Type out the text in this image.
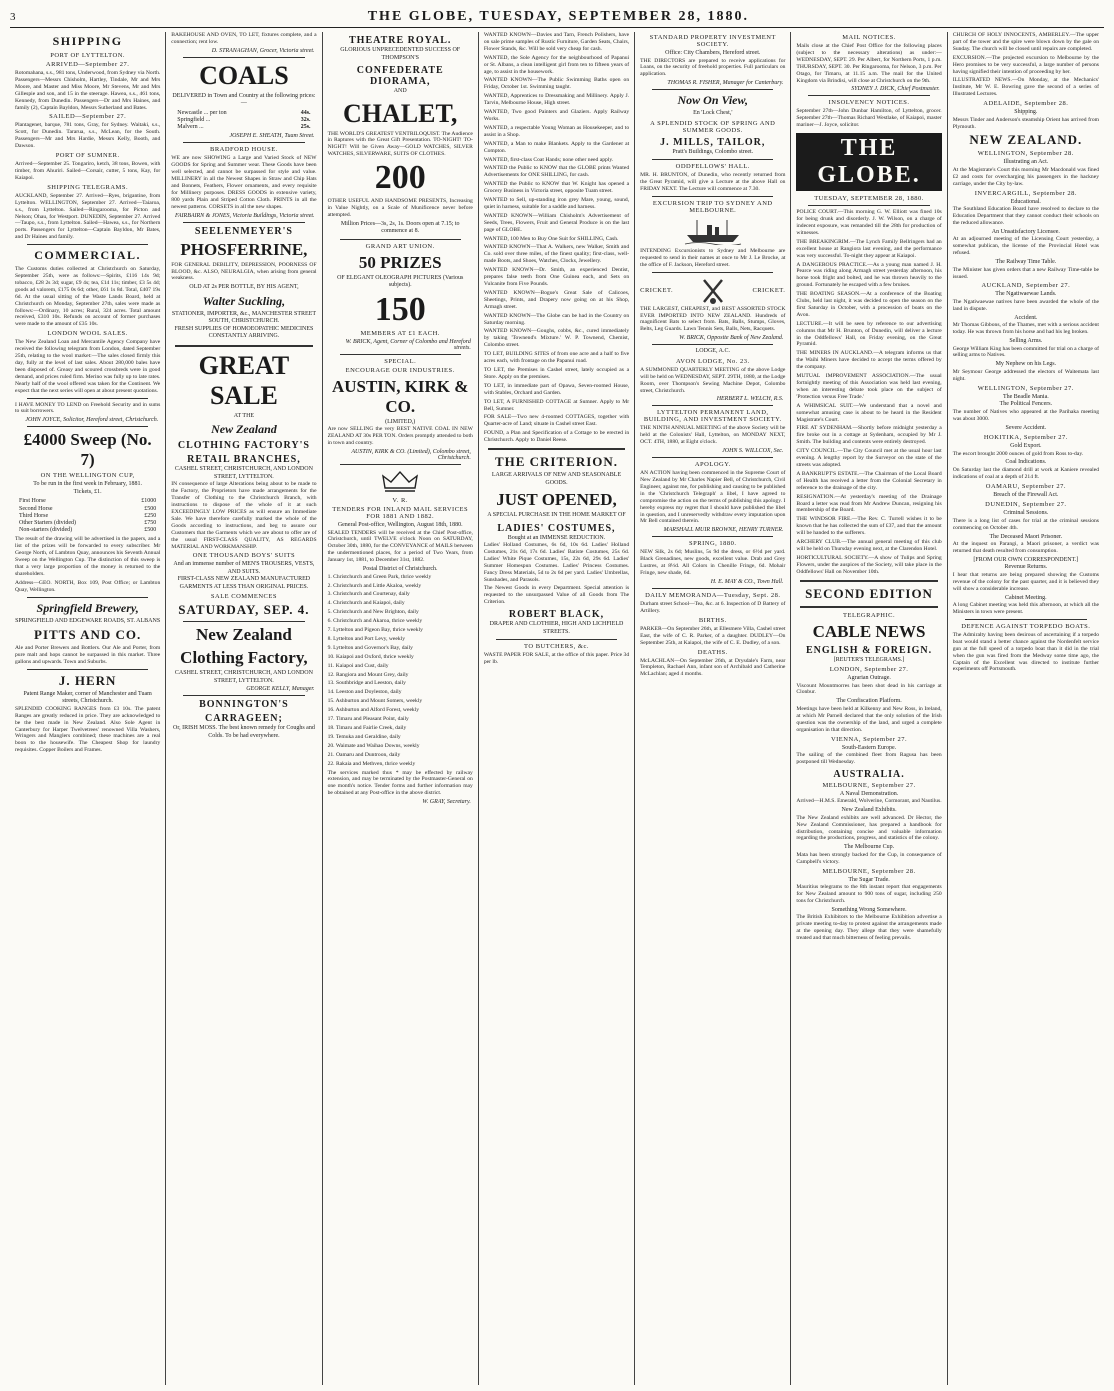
3	THE GLOBE, TUESDAY, SEPTEMBER 28, 1880.

SHIPPING
PORT OF LYTTELTON.
ARRIVED—September 27.

Rotomahana, s.s., 981 tons, Underwood, from Sydney via North. Passengers—Messrs Chisholm, Hartley, Tindale, Mr and Mrs Moore, and Master and Miss Moore, Mr Stevens, Mr and Mrs Gillespie and son, and 15 in the steerage. Hawea, s.s., 461 tons, Kennedy, from Dunedin. Passengers—Dr and Mrs Haines, and family (2), Captain Bayldon, Messrs Sutherland and Bates.

SAILED—September 27.

Plantagenet, barque, 781 tons, Gray, for Sydney. Waitaki, s.s., Scott, for Dunedin. Tararua, s.s., McLean, for the South. Passengers—Mr and Mrs Hardie, Messrs Kelly, Booth, and Dawson.

PORT OF SUMNER.

Arrived—September 25. Tongariro, ketch, 38 tons, Bowen, with timber, from Ahuriri. Sailed—Corsair, cutter, 5 tons, Kay, for Kaiapoi.

SHIPPING TELEGRAMS.

AUCKLAND, September 27. Arrived—Ryes, brigantine, from Lyttelton. WELLINGTON, September 27. Arrived—Taiaroa, s.s., from Lyttelton. Sailed—Ringarooma, for Picton and Nelson; Ohau, for Westport. DUNEDIN, September 27. Arrived—Taupo, s.s., from Lyttelton. Sailed—Hawea, s.s., for Northern ports. Passengers for Lyttelton—Captain Bayldon, Mr Bates, and Dr Haines and family.

COMMERCIAL.

The Customs duties collected at Christchurch on Saturday, September 25th, were as follows:—Spirits, £116 14s 9d; tobacco, £28 2s 3d; sugar, £9 4s; tea, £14 11s; timber, £3 5s 4d; goods ad valorem, £175 0s 6d; other, £61 1s 8d. Total, £407 19s 6d. At the usual sitting of the Waste Lands Board, held at Christchurch on Monday, September 27th, sales were made as follows:—Ordinary, 10 acres; Rural, 324 acres. Total amount received, £310 10s. Refunds on account of former purchases were made to the amount of £35 10s.

LONDON WOOL SALES.

The New Zealand Loan and Mercantile Agency Company have received the following telegram from London, dated September 25th, relating to the wool market:—The sales closed firmly this day, fully at the level of last sales. About 280,000 bales have been disposed of. Greasy and scoured crossbreds were in good demand, and prices ruled firm. Merino was fully up to late rates. Nearly half of the wool offered was taken for the Continent. We expect that the next series will open at about present quotations.

I HAVE MONEY TO LEND on Freehold Security and in sums to suit borrowers.

JOHN JOYCE, Solicitor, Hereford street, Christchurch.
£4000 Sweep (No. 7)
ON THE WELLINGTON CUP,
To be run in the first week in February, 1881.
Tickets, £1.
First Horse	£1000
Second Horse	£500
Third Horse	£250
Other Starters (divided)	£750
Non-starters (divided)	£500

The result of the drawing will be advertised in the papers, and a list of the prizes will be forwarded to every subscriber. Mr George North, of Lambton Quay, announces his Seventh Annual Sweep on the Wellington Cup. The distinction of this sweep is that a very large proportion of the money is returned to the shareholders.

Address—GEO. NORTH, Box 109, Post Office; or Lambton Quay, Wellington.

Springfield Brewery,
SPRINGFIELD AND EDGEWARE ROADS, ST. ALBANS
PITTS AND CO.

Ale and Porter Brewers and Bottlers. Our Ale and Porter, from pure malt and hops cannot be surpassed in this market. Three gallons and upwards. Town and Suburbs.

J. HERN
Patent Range Maker, corner of Manchester and Tuam streets, Christchurch.

SPLENDID COOKING RANGES from £3 10s. The patent Ranges are greatly reduced in price. They are acknowledged to be the best made in New Zealand. Also Sole Agent in Canterbury for Harper Twelvetrees' renowned Villa Washers, Wringers and Manglers combined; these machines are a real boon to the housewife. The Cheapest Shop for laundry requisites. Copper Boilers and Frames.

BAKEHOUSE AND OVEN, TO LET, fixtures complete, and a connection; rent low.

D. STRANAGHAN, Grocer, Victoria street.
COALS
DELIVERED in Town and Country at the following prices:—
Newcastle ... per ton	44s.
Springfield ...	32s.
Malvern ...	25s.
JOSEPH E. SHEATH, Tuam Street.
BRADFORD HOUSE.

WE are now SHOWING a Large and Varied Stock of NEW GOODS for Spring and Summer wear. These Goods have been well selected, and cannot be surpassed for style and value. MILLINERY in all the Newest Shapes in Straw and Chip Hats and Bonnets, Feathers, Flower ornaments, and every requisite for Millinery purposes. DRESS GOODS in extensive variety, 800 yards Plain and Striped Cotton Cloth. PRINTS in all the newest patterns. CORSETS in all the new shapes.

FAIRBAIRN & JONES, Victoria Buildings, Victoria street.
SEELENMEYER'S
PHOSFERRINE,

FOR GENERAL DEBILITY, DEPRESSION, POORNESS OF BLOOD, &c. ALSO, NEURALGIA, when arising from general weakness.

OLD AT 2s PER BOTTLE, BY HIS AGENT,
Walter Suckling,
STATIONER, IMPORTER, &c., MANCHESTER STREET SOUTH, CHRISTCHURCH.
FRESH SUPPLIES OF HOMOEOPATHIC MEDICINES CONSTANTLY ARRIVING.
GREAT SALE
AT THE
New Zealand
CLOTHING FACTORY'S
RETAIL BRANCHES,
CASHEL STREET, CHRISTCHURCH, AND LONDON STREET, LYTTELTON.

IN consequence of large Alterations being about to be made to the Factory, the Proprietors have made arrangements for the Transfer of Clothing to the Christchurch Branch, with instructions to dispose of the whole of it at such EXCEEDINGLY LOW PRICES as will ensure an Immediate Sale. We have therefore carefully marked the whole of the Goods according to instructions, and beg to assure our Customers that the Garments which we are about to offer are of the usual FIRST-CLASS QUALITY, AS REGARDS MATERIAL AND WORKMANSHIP.

ONE THOUSAND BOYS' SUITS
And an immense number of MEN'S TROUSERS, VESTS, AND SUITS.
FIRST-CLASS NEW ZEALAND MANUFACTURED GARMENTS AT LESS THAN ORIGINAL PRICES.
SALE COMMENCES
SATURDAY, SEP. 4.
New Zealand
Clothing Factory,
CASHEL STREET, CHRISTCHURCH, AND LONDON STREET, LYTTELTON.
GEORGE KELLY, Manager.
BONNINGTON'S
CARRAGEEN;
Or, IRISH MOSS. The best known remedy for Coughs and Colds. To be had everywhere.
THEATRE ROYAL.
GLORIOUS UNPRECEDENTED SUCCESS OF THOMPSON'S
CONFEDERATE DIORAMA,
AND
CHALET,

THE WORLD'S GREATEST VENTRILOQUIST. The Audience in Raptures with the Great Gift Presentation. TO-NIGHT! TO-NIGHT! Will be Given Away—GOLD WATCHES, SILVER WATCHES, SILVERWARE, SUITS OF CLOTHES.

200

OTHER USEFUL AND HANDSOME PRESENTS, Increasing in Value Nightly, on a Scale of Munificence never before attempted.

Million Prices—3s, 2s, 1s. Doors open at 7.15; to commence at 8.
GRAND ART UNION.
50 PRIZES
OF ELEGANT OLEOGRAPH PICTURES (Various subjects).
150
MEMBERS AT £1 EACH.
W. BRICK, Agent, Corner of Colombo and Hereford streets.
SPECIAL.
ENCOURAGE OUR INDUSTRIES.
AUSTIN, KIRK & CO.
(LIMITED,)

Are now SELLING the very BEST NATIVE COAL IN NEW ZEALAND AT 30s PER TON. Orders promptly attended to both in town and country.

AUSTIN, KIRK & CO. (Limited), Colombo street, Christchurch.
V. R.
TENDERS FOR INLAND MAIL SERVICES FOR 1881 AND 1882.
General Post-office, Wellington, August 18th, 1880.

SEALED TENDERS will be received at the Chief Post-office, Christchurch, until TWELVE o'clock Noon on SATURDAY, October 30th, 1880, for the CONVEYANCE of MAILS between the undermentioned places, for a period of Two Years, from January 1st, 1881, to December 31st, 1882.

Postal District of Christchurch.

1. Christchurch and Green Park, thrice weekly

2. Christchurch and Little Akaloa, weekly

3. Christchurch and Courtenay, daily

4. Christchurch and Kaiapoi, daily

5. Christchurch and New Brighton, daily

6. Christchurch and Akaroa, thrice weekly

7. Lyttelton and Pigeon Bay, thrice weekly

8. Lyttelton and Port Levy, weekly

9. Lyttelton and Governor's Bay, daily

10. Kaiapoi and Oxford, thrice weekly

11. Kaiapoi and Cust, daily

12. Rangiora and Mount Grey, daily

13. Southbridge and Leeston, daily

14. Leeston and Doyleston, daily

15. Ashburton and Mount Somers, weekly

16. Ashburton and Alford Forest, weekly

17. Timaru and Pleasant Point, daily

18. Timaru and Fairlie Creek, daily

19. Temuka and Geraldine, daily

20. Waimate and Waihao Downs, weekly

21. Oamaru and Duntroon, daily

22. Rakaia and Methven, thrice weekly

The services marked thus * may be effected by railway extension, and may be terminated by the Postmaster-General on one month's notice. Tender forms and further information may be obtained at any Post-office in the above district.

W. GRAY, Secretary.

WANTED KNOWN—Davies and Tarn, French Polishers, have on sale prime samples of Rustic Furniture, Garden Seats, Chairs, Flower Stands, &c. Will be sold very cheap for cash.

WANTED, the Sole Agency for the neighbourhood of Papanui or St. Albans, a clean intelligent girl from ten to fifteen years of age, to assist in the housework.

WANTED KNOWN—The Public Swimming Baths open on Friday, October 1st. Swimming taught.

WANTED, Apprentices to Dressmaking and Millinery. Apply J. Tarvin, Melbourne House, High street.

WANTED, Two good Painters and Glaziers. Apply Railway Works.

WANTED, a respectable Young Woman as Housekeeper, and to assist in a Shop.

WANTED, a Man to make Blankets. Apply to the Gardener at Compton.

WANTED, first-class Coat Hands; none other need apply.

WANTED the Public to KNOW that the GLOBE prints Wanted Advertisements for ONE SHILLING, for cash.

WANTED the Public to KNOW that W. Knight has opened a Grocery Business in Victoria street, opposite Tuam street.

WANTED to Sell, up-standing iron grey Mare, young, sound, quiet in harness, suitable for a saddle and harness.

WANTED KNOWN—William Chisholm's Advertisement of Seeds, Trees, Flowers, Fruit and General Produce is on the last page of GLOBE.

WANTED, 100 Men to Buy One Suit for SHILLING, Cash.

WANTED KNOWN—That A. Walkers, new Walker, Smith and Co. sold over three miles, of the finest quality; first-class, well-made Boots, and Shoes, Watches, Clocks, Jewellery.

WANTED KNOWN—Dr. Smith, an experienced Dentist, prepares false teeth from One Guinea each, and Sets on Vulcanite from Five Pounds.

WANTED KNOWN—Bogue's Great Sale of Calicoes, Sheetings, Prints, and Drapery now going on at his Shop, Armagh street.

WANTED KNOWN—The Globe can be had in the Country on Saturday morning.

WANTED KNOWN—Goughs, cobbs, &c., cured immediately by taking 'Townend's Mixture.' W. P. Townend, Chemist, Colombo street.

TO LET, BUILDING SITES of from one acre and a half to five acres each, with frontage on the Papanui road.

TO LET, the Premises in Cashel street, lately occupied as a Store. Apply on the premises.

TO LET, in immediate part of Opawa, Seven-roomed House, with Stables, Orchard and Garden.

TO LET, A FURNISHED COTTAGE at Sumner. Apply to Mr Bell, Sumner.

FOR SALE—Two new 4-roomed COTTAGES, together with Quarter-acre of Land; situate in Cashel street East.

FOUND, a Plan and Specification of a Cottage to be erected in Christchurch. Apply to Daniel Reese.

THE CRITERION.
LARGE ARRIVALS OF NEW AND SEASONABLE GOODS.
JUST OPENED,
A SPECIAL PURCHASE IN THE HOME MARKET OF
LADIES' COSTUMES,
Bought at an IMMENSE REDUCTION.

Ladies' Holland Costumes, 6s 6d, 10s 6d. Ladies' Holland Costumes, 21s 6d, 17s 6d. Ladies' Batiste Costumes, 25s 6d. Ladies' White Pique Costumes, 15s, 22s 6d, 29s 6d. Ladies' Summer Homespun Costumes. Ladies' Princess Costumes. Fancy Dress Materials, 5d to 2s 6d per yard. Ladies' Umbrellas, Sunshades, and Parasols.

The Newest Goods in every Department. Special attention is requested to the unsurpassed Value of all Goods from The Criterion.

ROBERT BLACK,
DRAPER AND CLOTHIER, HIGH AND LICHFIELD STREETS.
TO BUTCHERS, &c.

WASTE PAPER FOR SALE, at the office of this paper. Price 3d per lb.

STANDARD PROPERTY INVESTMENT SOCIETY.
Office: City Chambers, Hereford street.

THE DIRECTORS are prepared to receive applications for Loans, on the security of freehold properties. Full particulars on application.

THOMAS R. FISHER, Manager for Canterbury.
Now On View,
En 'Lock Chest,'
A SPLENDID STOCK OF SPRING AND SUMMER GOODS.
J. MILLS, TAILOR,
Pratt's Buildings, Colombo street.
ODDFELLOWS' HALL.

MR. H. BRUNTON, of Dunedin, who recently returned from the Great Pyramid, will give a Lecture at the above Hall on FRIDAY NEXT. The Lecture will commence at 7.30.

EXCURSION TRIP TO SYDNEY AND MELBOURNE.

INTENDING Excursionists to Sydney and Melbourne are requested to send in their names at once to Mr J. Le Brocke, at the office of F. Jackson, Hereford street.

CRICKET.	CRICKET.

THE LARGEST, CHEAPEST, and BEST ASSORTED STOCK EVER IMPORTED INTO NEW ZEALAND. Hundreds of magnificent Bats to select from. Bats, Balls, Stumps, Gloves, Belts, Leg Guards. Lawn Tennis Sets, Balls, Nets, Racquets.

W. BRICK, Opposite Bank of New Zealand.
LODGE, A.C.
AVON LODGE, No. 23.

A SUMMONED QUARTERLY MEETING of the above Lodge will be held on WEDNESDAY, SEPT. 29TH, 1880, at the Lodge Room, over Thompson's Sewing Machine Depot, Colombo street, Christchurch.

HERBERT L. WELCH, R.S.
LYTTELTON PERMANENT LAND, BUILDING, AND INVESTMENT SOCIETY.

THE NINTH ANNUAL MEETING of the above Society will be held at the Colonists' Hall, Lyttelton, on MONDAY NEXT, OCT. 4TH, 1880, at Eight o'clock.

JOHN S. WILLCOX, Sec.
APOLOGY.

AN ACTION having been commenced in the Supreme Court of New Zealand by Mr Charles Napier Bell, of Christchurch, Civil Engineer, against me, for publishing and causing to be published in the 'Christchurch Telegraph' a libel, I have agreed to compromise the action on the terms of publishing this apology. I hereby express my regret that I should have published the libel in question, and I unreservedly withdraw every imputation upon Mr Bell contained therein.

MARSHALL MUIR BROWNE, HENRY TURNER.
SPRING, 1880.

NEW Silk, 2s 6d; Muslins, 5s 9d the dress, or 6½d per yard. Black Grenadines, new goods, excellent value. Drab and Grey Lustres, at 8½d. All Colors in Chenille Fringe, 6d. Mohair Fringe, new shade, 6d.

H. E. MAY & CO., Town Hall.
DAILY MEMORANDA—Tuesday, Sept. 28.

Durham street School—Tea, &c. at 6. Inspection of D Battery of Artillery.

BIRTHS.

PARKER—On September 26th, at Ellesmere Villa, Cashel street East, the wife of C. R. Parker, of a daughter. DUDLEY—On September 25th, at Kaiapoi, the wife of C. E. Dudley, of a son.

DEATHS.

McLACHLAN—On September 26th, at Drysdale's Farm, near Templeton, Rachael Ann, infant son of Archibald and Catherine McLachlan; aged 4 months.

MAIL NOTICES.

Mails close at the Chief Post Office for the following places (subject to the necessary alterations) as under:— WEDNESDAY, SEPT. 29. Per Albert, for Northern Ports, 1 p.m. THURSDAY, SEPT. 30. Per Ringarooma, for Nelson, 3 p.m. Per Otago, for Timaru, at 11.15 a.m. The mail for the United Kingdom via Brindisi, will close at Christchurch on the 9th.

SYDNEY J. DICK, Chief Postmaster.
INSOLVENCY NOTICES.

September 27th—John Dunbar Hamilton, of Lyttelton, grocer. September 27th—Thomas Richard Westlake, of Kaiapoi, master mariner—J. Joyce, solicitor.

THE GLOBE.
TUESDAY, SEPTEMBER 28, 1880.

POLICE COURT.—This morning G. W. Elliott was fined 10s for being drunk and disorderly. J. W. Wilson, on a charge of indecent exposure, was remanded till the 28th for production of witnesses.

THE BREAKINGRIM.—The Lynch Family Bellringers had an excellent house at Rangiora last evening, and the performance was very successful. To-night they appear at Kaiapoi.

A DANGEROUS PRACTICE.—As a young man named J. H. Pearce was riding along Armagh street yesterday afternoon, his horse took fright and bolted, and he was thrown heavily to the ground. Fortunately he escaped with a few bruises.

THE BOATING SEASON.—At a conference of the Boating Clubs, held last night, it was decided to open the season on the first Saturday in October, with a procession of boats on the Avon.

LECTURE.—It will be seen by reference to our advertising columns that Mr H. Brunton, of Dunedin, will deliver a lecture in the Oddfellows' Hall, on Friday evening, on the Great Pyramid.

THE MINERS IN AUCKLAND.—A telegram informs us that the Waihi Miners have decided to accept the terms offered by the company.

MUTUAL IMPROVEMENT ASSOCIATION.—The usual fortnightly meeting of this Association was held last evening, when an interesting debate took place on the subject of 'Protection versus Free Trade.'

A WHIMSICAL SUIT.—We understand that a novel and somewhat amusing case is about to be heard in the Resident Magistrate's Court.

FIRE AT SYDENHAM.—Shortly before midnight yesterday a fire broke out in a cottage at Sydenham, occupied by Mr J. Smith. The building and contents were entirely destroyed.

CITY COUNCIL.—The City Council met at the usual hour last evening. A lengthy report by the Surveyor on the state of the streets was adopted.

A BANKRUPT'S ESTATE.—The Chairman of the Local Board of Health has received a letter from the Colonial Secretary in reference to the drainage of the city.

RESIGNATION.—At yesterday's meeting of the Drainage Board a letter was read from Mr Andrew Duncan, resigning his membership of the Board.

THE WINDSOR FIRE.—The Rev. C. Turrell wishes it to be known that he has collected the sum of £37, and that the amount will be handed to the sufferers.

ARCHERY CLUB.—The annual general meeting of this club will be held on Thursday evening next, at the Clarendon Hotel.

HORTICULTURAL SOCIETY.—A show of Tulips and Spring Flowers, under the auspices of the Society, will take place in the Oddfellows' Hall on November 10th.

SECOND EDITION
TELEGRAPHIC.
CABLE NEWS
ENGLISH & FOREIGN.
[REUTER'S TELEGRAMS.]
LONDON, September 27.
Agrarian Outrage.

Viscount Mountmorres has been shot dead in his carriage at Clonbur.

The Confiscation Platform.

Meetings have been held at Kilkenny and New Ross, in Ireland, at which Mr Parnell declared that the only solution of the Irish question was the ownership of the land, and urged a complete organisation in that direction.

VIENNA, September 27.
South-Eastern Europe.

The sailing of the combined fleet from Ragusa has been postponed till Wednesday.

AUSTRALIA.
MELBOURNE, September 27.
A Naval Demonstration.

Arrived—H.M.S. Emerald, Wolverine, Cormorant, and Nautilus.

New Zealand Exhibits.

The New Zealand exhibits are well advanced. Dr Hector, the New Zealand Commissioner, has prepared a handbook for distribution, containing concise and valuable information regarding the productions, progress, and statistics of the colony.

The Melbourne Cup.

Mata has been strongly backed for the Cup, in consequence of Campbell's victory.

MELBOURNE, September 28.
The Sugar Trade.

Mauritius telegrams to the 8th instant report that engagements for New Zealand amount to 900 tons of sugar, including 250 tons for Christchurch.

Something Wrong Somewhere.

The British Exhibitors to the Melbourne Exhibition advertise a private meeting to-day to protest against the arrangements made at the opening day. They allege that they were shamefully treated and that much bitterness of feeling prevails.

CHURCH OF HOLY INNOCENTS, AMBERLEY.—The upper part of the tower and the spire were blown down by the gale on Sunday. The church will be closed until repairs are completed.

EXCURSION.—The projected excursion to Melbourne by the Hero promises to be very successful, a large number of persons having signified their intention of proceeding by her.

ILLUSTRATED NEWS.—On Monday, at the Mechanics' Institute, Mr W. E. Bowring gave the second of a series of Illustrated Lectures.

ADELAIDE, September 28.
Shipping.

Messrs Tinder and Anderson's steamship Orient has arrived from Plymouth.

NEW ZEALAND.
WELLINGTON, September 28.
Illustrating an Act.

At the Magistrate's Court this morning Mr Macdonald was fined £2 and costs for overcharging his passengers in the hackney carriage, under the City by-law.

INVERCARGILL, September 28.
Educational.

The Southland Education Board have resolved to declare to the Education Department that they cannot conduct their schools on the reduced allowance.

An Unsatisfactory Licensee.

At an adjourned meeting of the Licensing Court yesterday, a somewhat publican, the license of the Provincial Hotel was refused.

The Railway Time Table.

The Minister has given orders that a new Railway Time-table be issued.

AUCKLAND, September 27.
The Ngatiwaewae Lands.

The Ngatiwaewae natives have been awarded the whole of the land in dispute.

Accident.

Mr Thomas Gibbons, of the Thames, met with a serious accident today. He was thrown from his horse and had his leg broken.

Selling Arms.

George William King has been committed for trial on a charge of selling arms to Natives.

My Nephew on his Legs.

Mr Seymour George addressed the electors of Waitemata last night.

WELLINGTON, September 27.
The Beadle Mania.
The Political Fencers.

The number of Natives who appeared at the Parihaka meeting was about 3000.

Severe Accident.
HOKITIKA, September 27.
Gold Export.

The escort brought 2000 ounces of gold from Ross to-day.

Coal Indications.

On Saturday last the diamond drill at work at Kaniere revealed indications of coal at a depth of 214 ft.

OAMARU, September 27.
Breach of the Firewall Act.
DUNEDIN, September 27.
Criminal Sessions.

There is a long list of cases for trial at the criminal sessions commencing on October 4th.

The Deceased Maori Prisoner.

At the inquest on Parangi, a Maori prisoner, a verdict was returned that death resulted from consumption.

[FROM OUR OWN CORRESPONDENT.]
Revenue Returns.

I hear that returns are being prepared showing the Customs revenue of the colony for the past quarter, and it is believed they will show a considerable increase.

Cabinet Meeting.

A long Cabinet meeting was held this afternoon, at which all the Ministers in town were present.

DEFENCE AGAINST TORPEDO BOATS.

The Admiralty having been desirous of ascertaining if a torpedo boat would stand a better chance against the Nordenfelt service gun at the full speed of a torpedo boat than it did in the trial when the gun was fired from the Medway some time ago, the Captain of the Excellent was directed to institute further experiments off Portsmouth.
